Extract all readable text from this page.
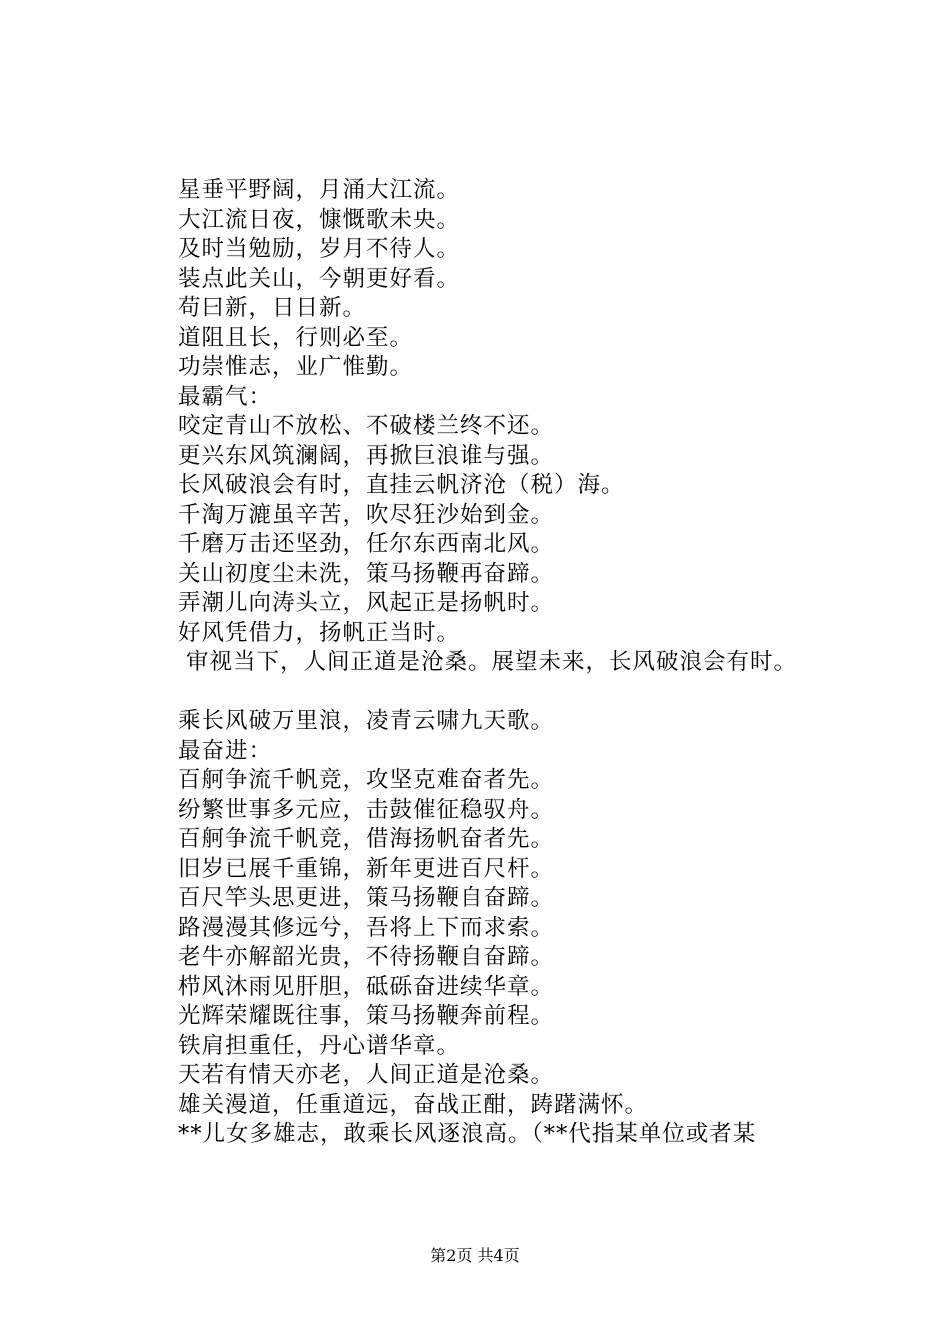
星垂平野阔，月涌大江流。
大江流日夜，慷慨歌未央。
及时当勉励，岁月不待人。
装点此关山，今朝更好看。
苟曰新，日日新。
道阻且长，行则必至。
功崇惟志，业广惟勤。
最霸气：
咬定青山不放松、不破楼兰终不还。
更兴东风筑澜阔，再掀巨浪谁与强。
长风破浪会有时，直挂云帆济沧（税）海。
千淘万漉虽辛苦，吹尽狂沙始到金。
千磨万击还坚劲，任尔东西南北风。
关山初度尘未洗，策马扬鞭再奋蹄。
弄潮儿向涛头立，风起正是扬帆时。
好风凭借力，扬帆正当时。
审视当下，人间正道是沧桑。展望未来，长风破浪会有时。
乘长风破万里浪，凌青云啸九天歌。
最奋进：
百舸争流千帆竞，攻坚克难奋者先。
纷繁世事多元应，击鼓催征稳驭舟。
百舸争流千帆竞，借海扬帆奋者先。
旧岁已展千重锦，新年更进百尺杆。
百尺竿头思更进，策马扬鞭自奋蹄。
路漫漫其修远兮，吾将上下而求索。
老牛亦解韶光贵，不待扬鞭自奋蹄。
栉风沐雨见肝胆，砥砾奋进续华章。
光辉荣耀既往事，策马扬鞭奔前程。
铁肩担重任，丹心谱华章。
天若有情天亦老，人间正道是沧桑。
雄关漫道，任重道远，奋战正酣，踌躇满怀。
**儿女多雄志，敢乘长风逐浪高。（**代指某单位或者某
第2页 共4页
